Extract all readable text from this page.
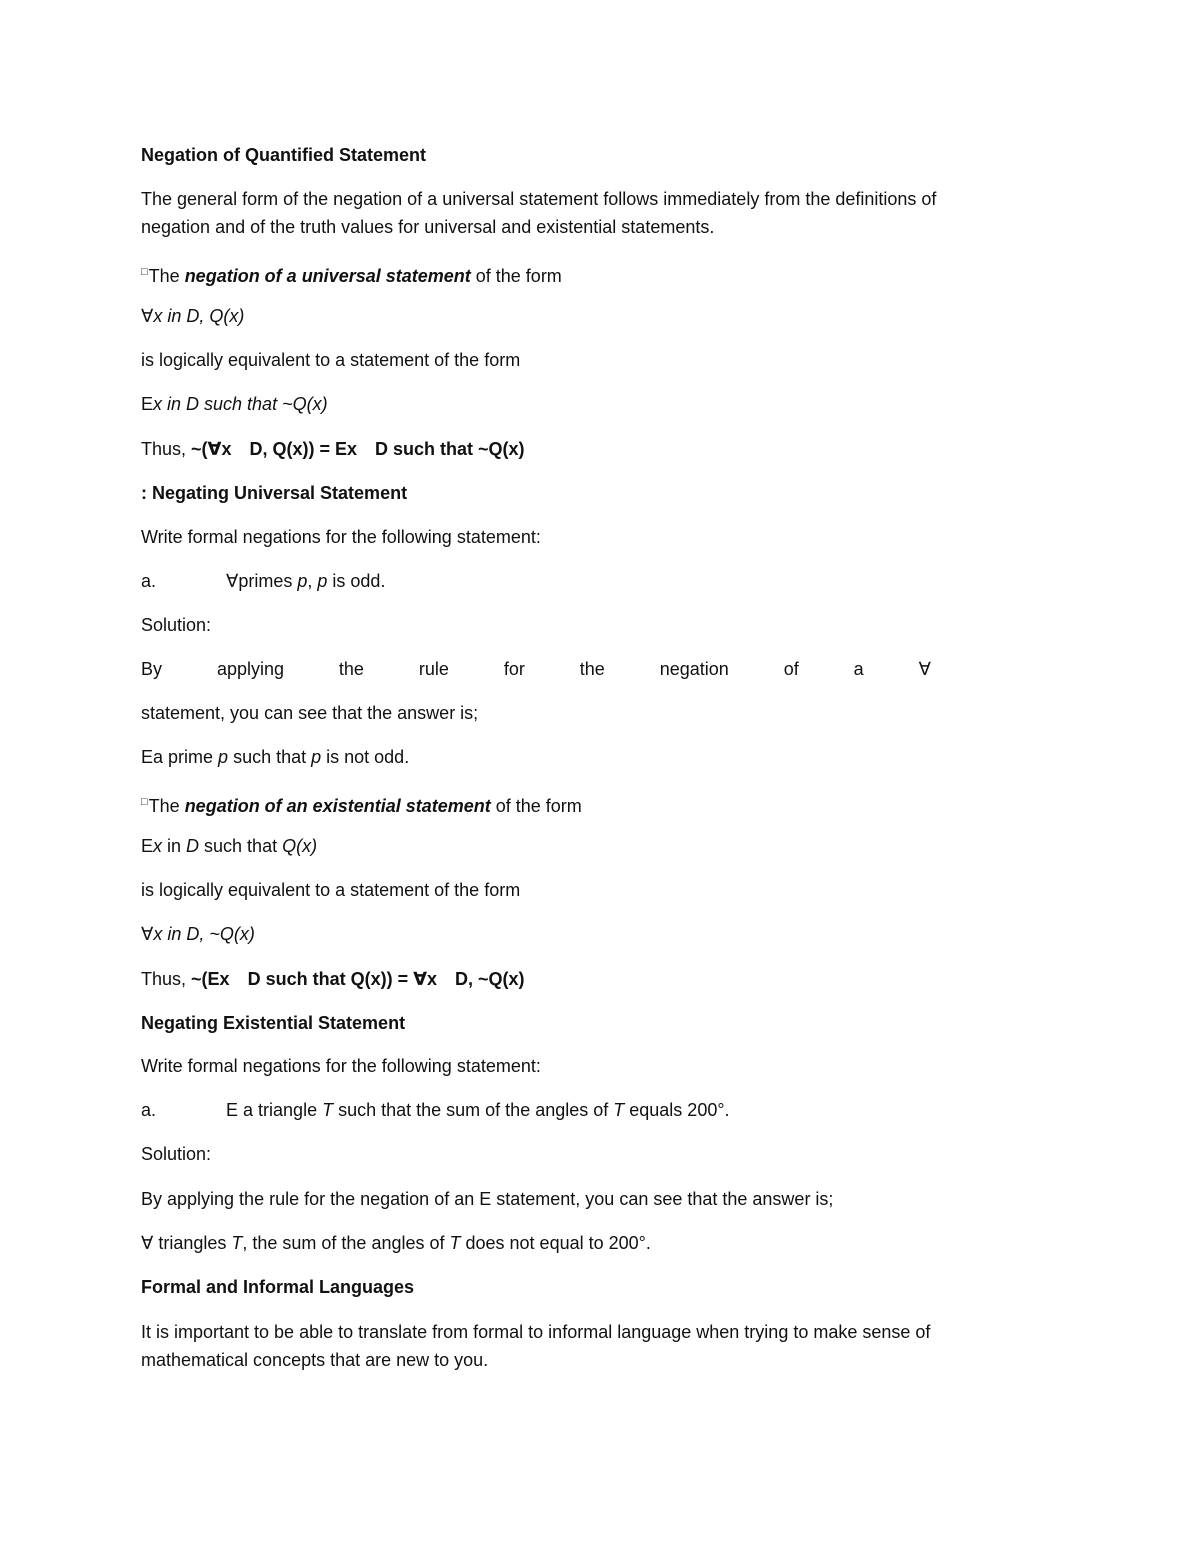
Negation of Quantified Statement

The general form of the negation of a universal statement follows immediately from the definitions of

negation and of the truth values for universal and existential statements.

□The negation of a universal statement of the form

∀x in D, Q(x)

is logically equivalent to a statement of the form

Ex in D such that ~Q(x)

Thus, ~(∀x D, Q(x)) = Ex D such that ~Q(x)

: Negating Universal Statement

Write formal negations for the following statement:

a.	∀primes p, p is odd.

Solution:

By	applying	the	rule	for	the	negation	of	a	∀

statement, you can see that the answer is;

Ea prime p such that p is not odd.

□The negation of an existential statement of the form

Ex in D such that Q(x)

is logically equivalent to a statement of the form

∀x in D, ~Q(x)

Thus, ~(Ex D such that Q(x)) = ∀x D, ~Q(x)

Negating Existential Statement

Write formal negations for the following statement:

a.	E a triangle T such that the sum of the angles of T equals 200°.

Solution:

By applying the rule for the negation of an E statement, you can see that the answer is;

∀ triangles T, the sum of the angles of T does not equal to 200°.

Formal and Informal Languages

It is important to be able to translate from formal to informal language when trying to make sense of

mathematical concepts that are new to you.
